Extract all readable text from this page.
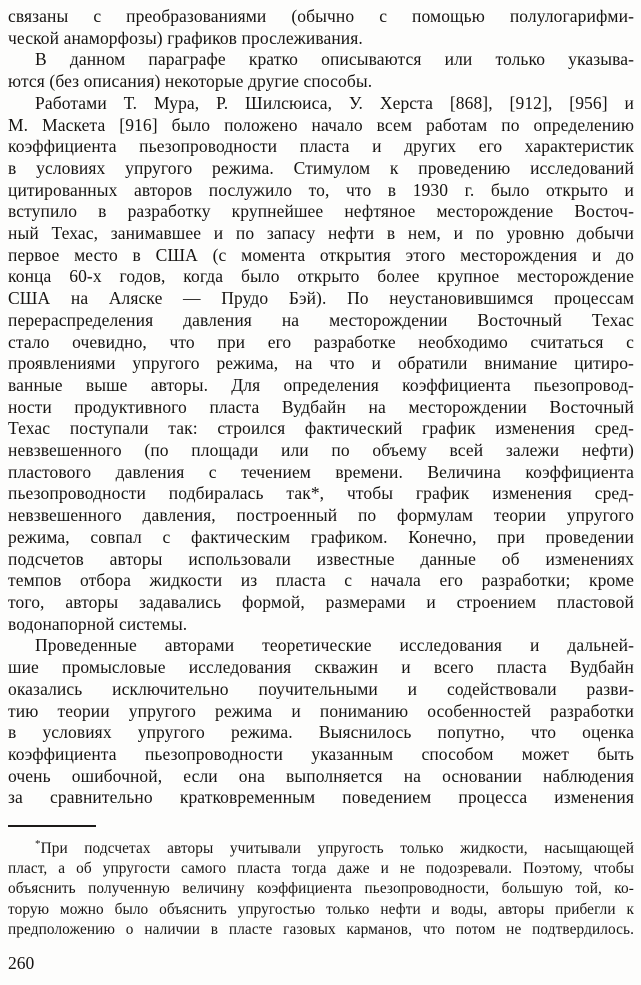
связаны с преобразованиями (обычно с помощью полулогарифми-
ческой анаморфозы) графиков прослеживания.
В данном параграфе кратко описываются или только указыва-
ются (без описания) некоторые другие способы.
Работами Т. Мура, Р. Шилсюиса, У. Херста [868], [912], [956] и
М. Маскета [916] было положено начало всем работам по определению
коэффициента пьезопроводности пласта и других его характеристик
в условиях упругого режима. Стимулом к проведению исследований
цитированных авторов послужило то, что в 1930 г. было открыто и
вступило в разработку крупнейшее нефтяное месторождение Восточ-
ный Техас, занимавшее и по запасу нефти в нем, и по уровню добычи
первое место в США (с момента открытия этого месторождения и до
конца 60-х годов, когда было открыто более крупное месторождение
США на Аляске — Прудо Бэй). По неустановившимся процессам
перераспределения давления на месторождении Восточный Техас
стало очевидно, что при его разработке необходимо считаться с
проявлениями упругого режима, на что и обратили внимание цитиро-
ванные выше авторы. Для определения коэффициента пьезопровод-
ности продуктивного пласта Вудбайн на месторождении Восточный
Техас поступали так: строился фактический график изменения сред-
невзвешенного (по площади или по объему всей залежи нефти)
пластового давления с течением времени. Величина коэффициента
пьезопроводности подбиралась так*, чтобы график изменения сред-
невзвешенного давления, построенный по формулам теории упругого
режима, совпал с фактическим графиком. Конечно, при проведении
подсчетов авторы использовали известные данные об изменениях
темпов отбора жидкости из пласта с начала его разработки; кроме
того, авторы задавались формой, размерами и строением пластовой
водонапорной системы.
Проведенные авторами теоретические исследования и дальней-
шие промысловые исследования скважин и всего пласта Вудбайн
оказались исключительно поучительными и содействовали разви-
тию теории упругого режима и пониманию особенностей разработки
в условиях упругого режима. Выяснилось попутно, что оценка
коэффициента пьезопроводности указанным способом может быть
очень ошибочной, если она выполняется на основании наблюдения
за сравнительно кратковременным поведением процесса изменения
*При подсчетах авторы учитывали упругость только жидкости, насыщающей
пласт, а об упругости самого пласта тогда даже и не подозревали. Поэтому, чтобы
объяснить полученную величину коэффициента пьезопроводности, большую той, ко-
торую можно было объяснить упругостью только нефти и воды, авторы прибегли к
предположению о наличии в пласте газовых карманов, что потом не подтвердилось.
260
